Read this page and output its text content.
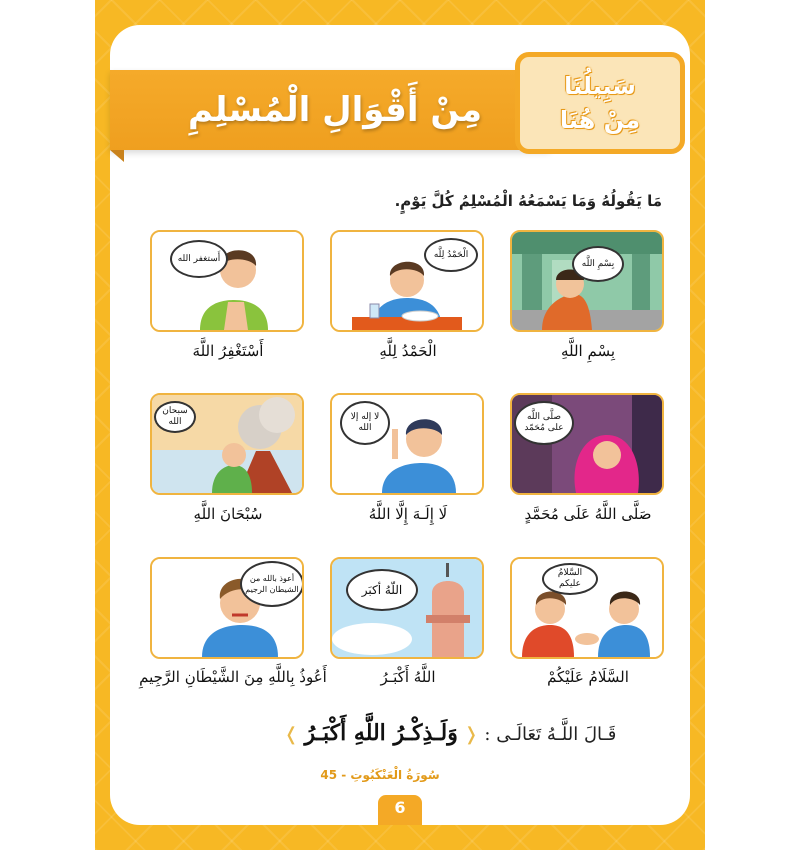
مِنْ أَقْوَالِ الْمُسْلِمِ
سَبِيلُنَا
مِنْ هُنَا
مَا يَقُولُهُ وَمَا يَسْمَعُهُ الْمُسْلِمُ كُلَّ يَوْمٍ.
بِسْمِ اللَّه
بِسْمِ اللَّهِ
الْحَمْدُ لِلَّه
الْحَمْدُ لِلَّهِ
أَستغفر الله
أَسْتَغْفِرُ اللَّهَ
صلَّى اللَّه على مُحَمّد
صَلَّى اللَّهُ عَلَى مُحَمَّدٍ
لا إله إلا الله
لَا إِلَـهَ إِلَّا اللَّهُ
سبحان الله
سُبْحَانَ اللَّهِ
السَّلامُ عليكم
السَّلَامُ عَلَيْكُمْ
اللّهُ أكبَر
اللَّهُ أَكْبَـرُ
أعوذ بالله من الشيطان الرجيم
أَعُوذُ بِاللَّهِ مِنَ الشَّيْطَانِ الرَّجِيمِ
قَـالَ اللَّـهُ تَعَالَـى : ❬ وَلَـذِكْـرُ اللَّهِ أَكْبَـرُ ❭
سُورَةُ الْعَنْكَبُوتِ - 45
6
